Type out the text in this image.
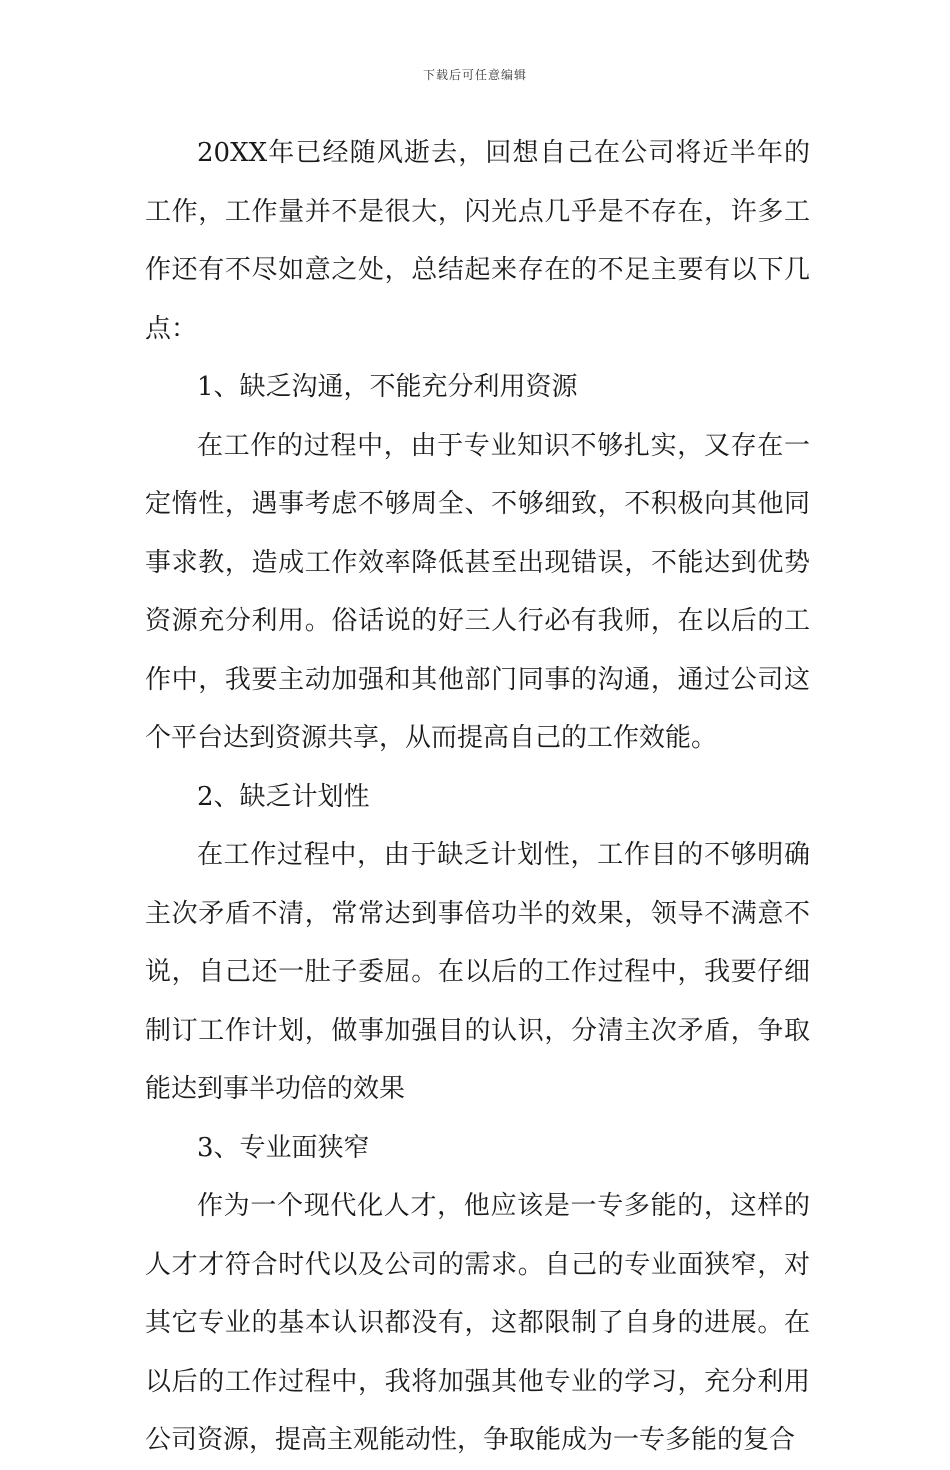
下载后可任意编辑

20XX年已经随风逝去，回想自己在公司将近半年的工作，工作量并不是很大，闪光点几乎是不存在，许多工作还有不尽如意之处，总结起来存在的不足主要有以下几点：

1、缺乏沟通，不能充分利用资源

在工作的过程中，由于专业知识不够扎实，又存在一定惰性，遇事考虑不够周全、不够细致，不积极向其他同事求教，造成工作效率降低甚至出现错误，不能达到优势资源充分利用。俗话说的好三人行必有我师，在以后的工作中，我要主动加强和其他部门同事的沟通，通过公司这个平台达到资源共享，从而提高自己的工作效能。

2、缺乏计划性

在工作过程中，由于缺乏计划性，工作目的不够明确主次矛盾不清，常常达到事倍功半的效果，领导不满意不说，自己还一肚子委屈。在以后的工作过程中，我要仔细制订工作计划，做事加强目的认识，分清主次矛盾，争取能达到事半功倍的效果

3、专业面狭窄

作为一个现代化人才，他应该是一专多能的，这样的人才才符合时代以及公司的需求。自己的专业面狭窄，对其它专业的基本认识都没有，这都限制了自身的进展。在以后的工作过程中，我将加强其他专业的学习，充分利用公司资源，提高主观能动性，争取能成为一专多能的复合
